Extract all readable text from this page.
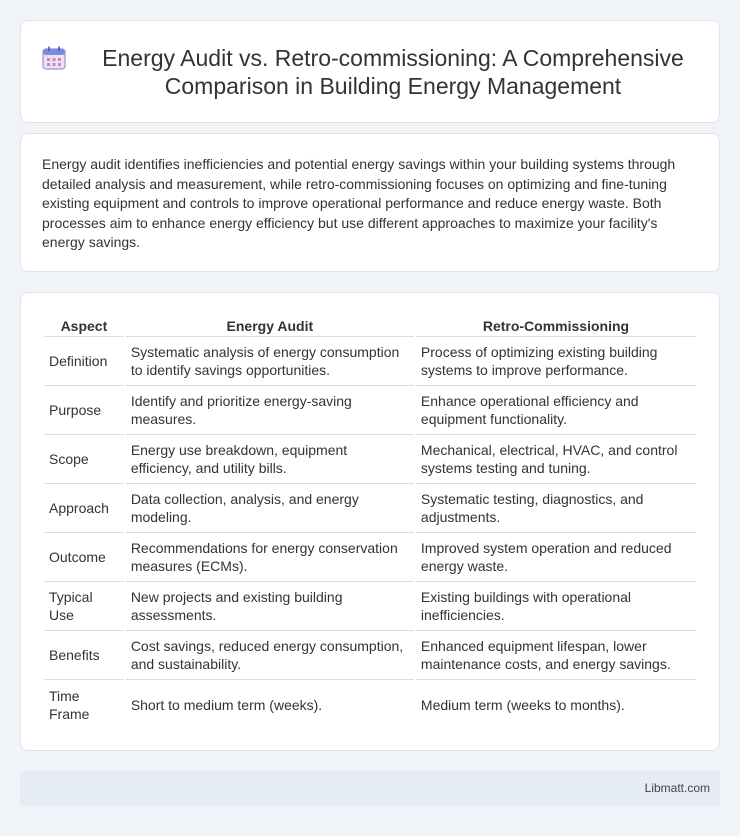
Energy Audit vs. Retro-commissioning: A Comprehensive Comparison in Building Energy Management

Energy audit identifies inefficiencies and potential energy savings within your building systems through detailed analysis and measurement, while retro-commissioning focuses on optimizing and fine-tuning existing equipment and controls to improve operational performance and reduce energy waste. Both processes aim to enhance energy efficiency but use different approaches to maximize your facility's energy savings.

Aspect	Energy Audit	Retro-Commissioning
Definition	Systematic analysis of energy consumption to identify savings opportunities.	Process of optimizing existing building systems to improve performance.
Purpose	Identify and prioritize energy-saving measures.	Enhance operational efficiency and equipment functionality.
Scope	Energy use breakdown, equipment efficiency, and utility bills.	Mechanical, electrical, HVAC, and control systems testing and tuning.
Approach	Data collection, analysis, and energy modeling.	Systematic testing, diagnostics, and adjustments.
Outcome	Recommendations for energy conservation measures (ECMs).	Improved system operation and reduced energy waste.
Typical Use	New projects and existing building assessments.	Existing buildings with operational inefficiencies.
Benefits	Cost savings, reduced energy consumption, and sustainability.	Enhanced equipment lifespan, lower maintenance costs, and energy savings.
Time Frame	Short to medium term (weeks).	Medium term (weeks to months).
Libmatt.com
